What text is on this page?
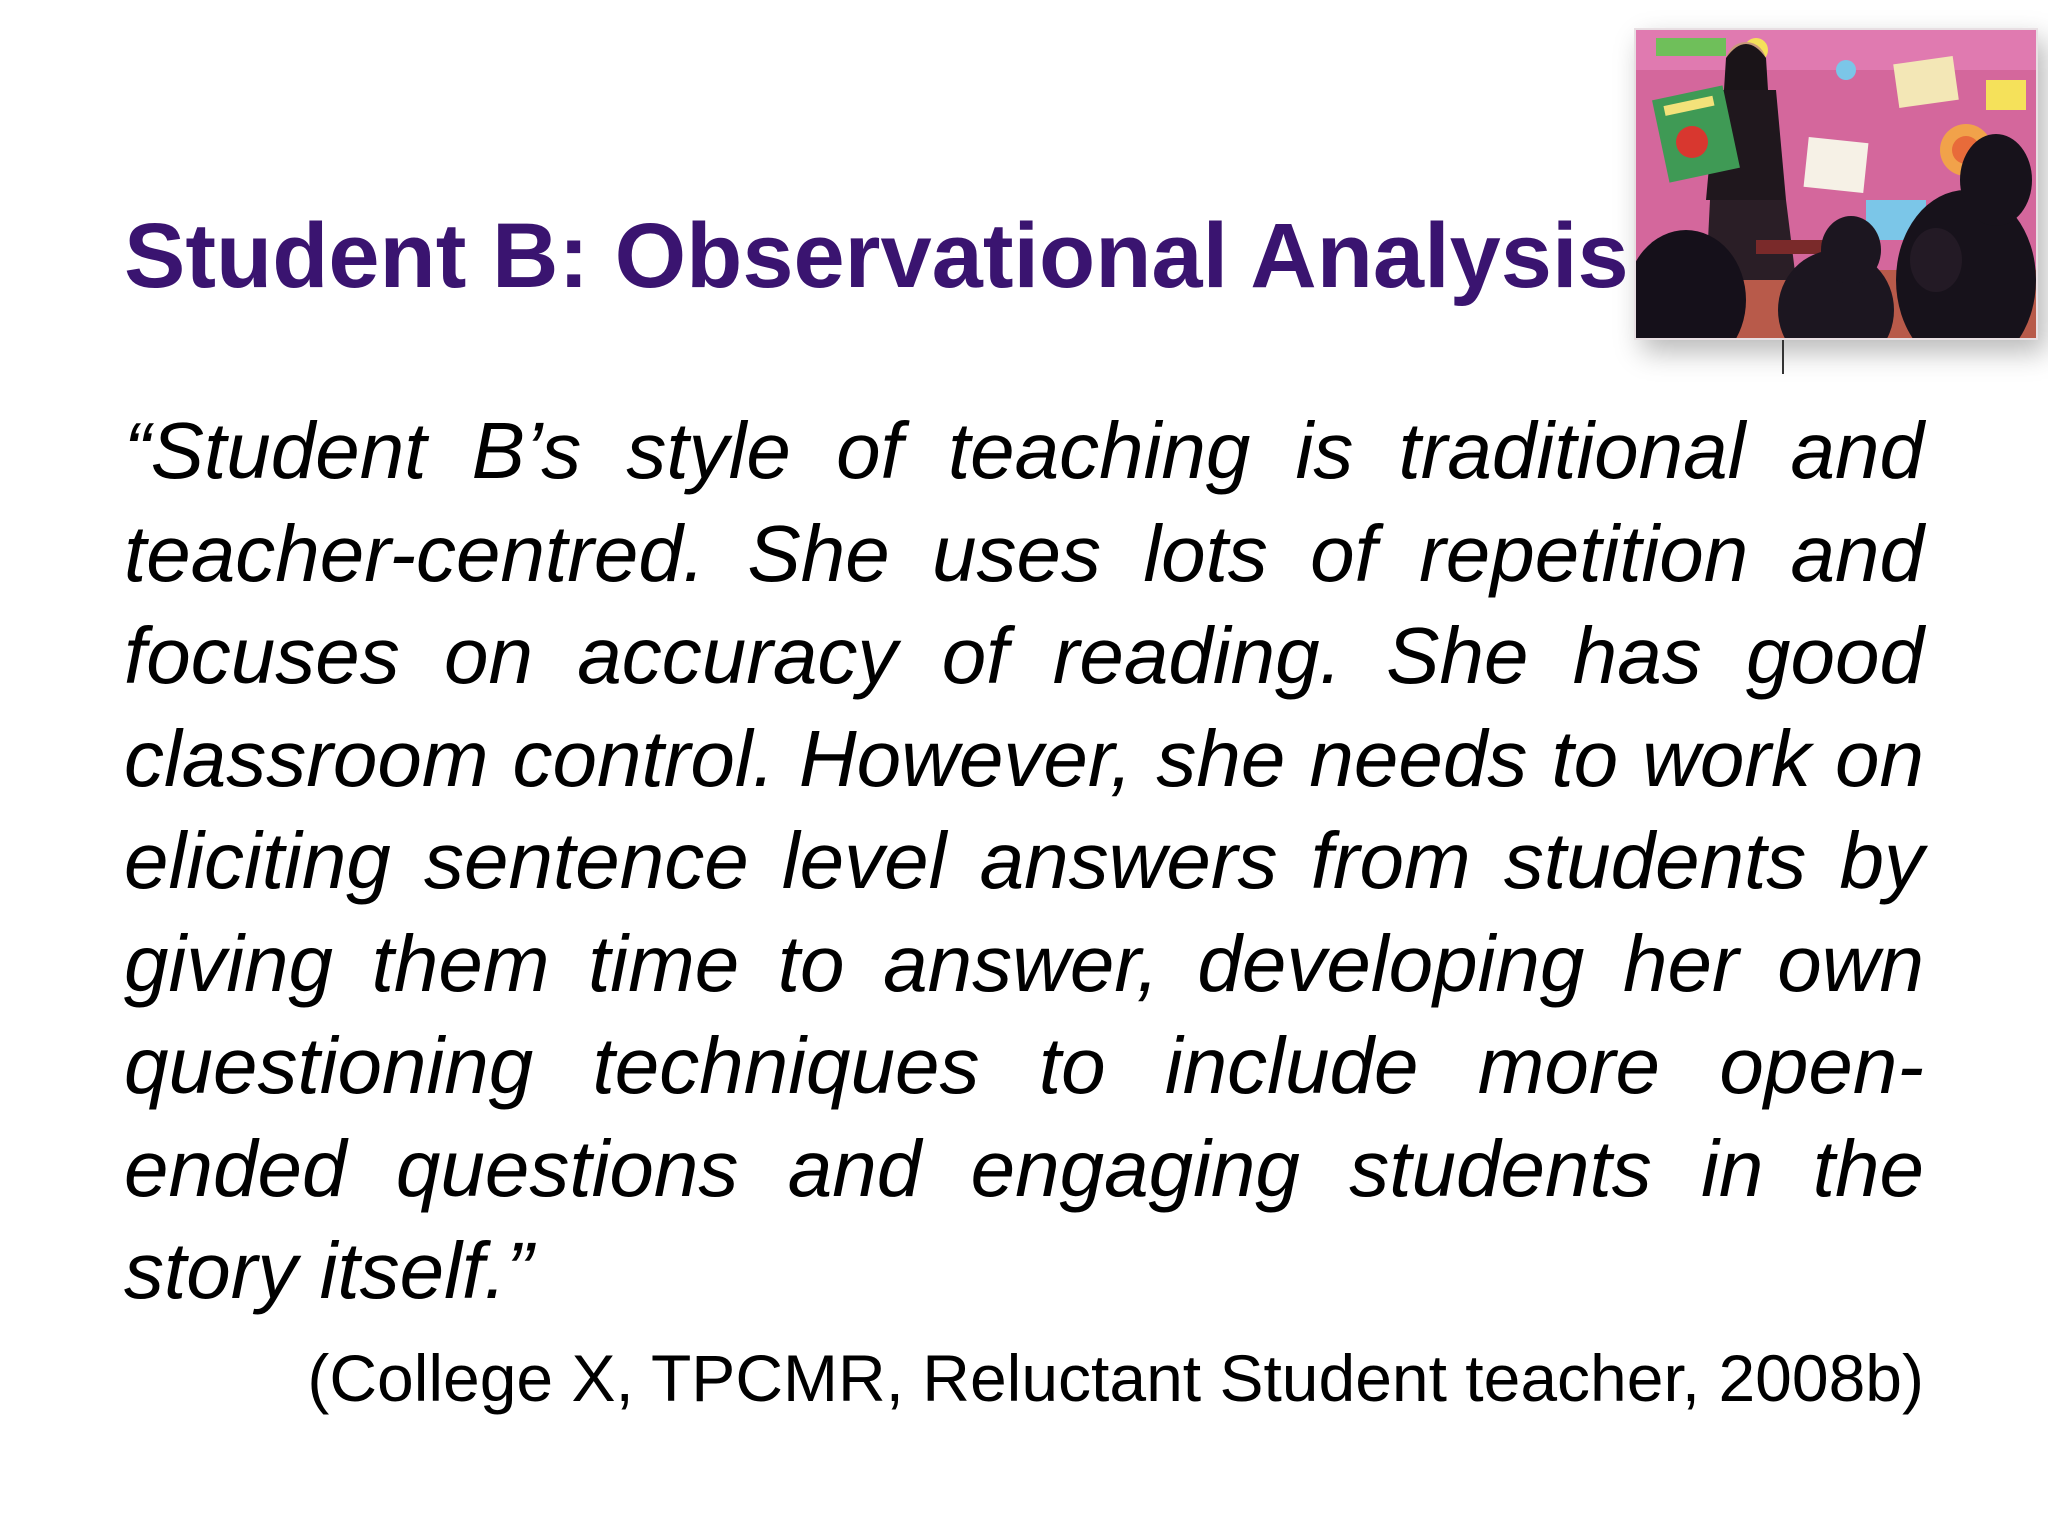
Student B: Observational Analysis

“Student B’s style of teaching is traditional and teacher-centred. She uses lots of repetition and focuses on accuracy of reading. She has good classroom control. However, she needs to work on eliciting sentence level answers from students by giving them time to answer, developing her own questioning techniques to include more open-ended questions and engaging students in the story itself.”

(College X, TPCMR, Reluctant Student teacher, 2008b)
